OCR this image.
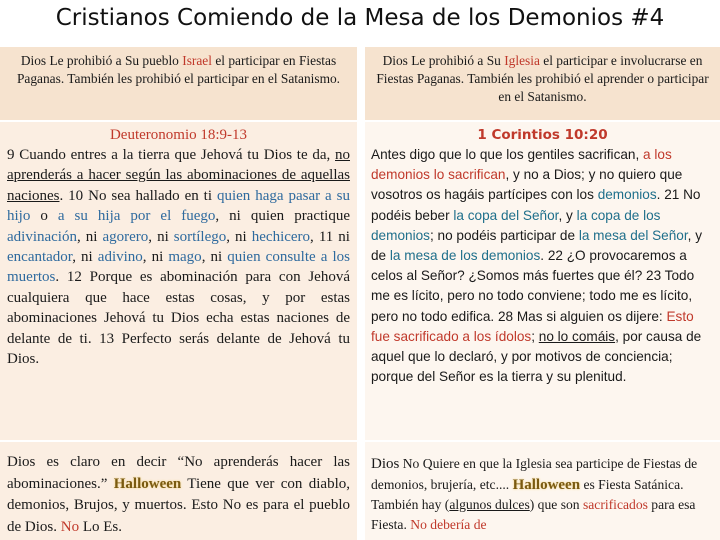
Cristianos Comiendo de la Mesa de los Demonios #4
Dios Le prohibió a Su pueblo Israel el participar en Fiestas Paganas. También les prohibió el participar en el Satanismo.
Dios Le prohibió a Su Iglesia el participar e involucrarse en Fiestas Paganas. También les prohibió el aprender o participar en el Satanismo.
Deuteronomio 18:9-13
9 Cuando entres a la tierra que Jehová tu Dios te da, no aprenderás a hacer según las abominaciones de aquellas naciones. 10 No sea hallado en ti quien haga pasar a su hijo o a su hija por el fuego, ni quien practique adivinación, ni agorero, ni sortílego, ni hechicero, 11 ni encantador, ni adivino, ni mago, ni quien consulte a los muertos. 12 Porque es abominación para con Jehová cualquiera que hace estas cosas, y por estas abominaciones Jehová tu Dios echa estas naciones de delante de ti. 13 Perfecto serás delante de Jehová tu Dios.
1 Corintios 10:20
Antes digo que lo que los gentiles sacrifican, a los demonios lo sacrifican, y no a Dios; y no quiero que vosotros os hagáis partícipes con los demonios. 21 No podéis beber la copa del Señor, y la copa de los demonios; no podéis participar de la mesa del Señor, y de la mesa de los demonios. 22 ¿O provocaremos a celos al Señor? ¿Somos más fuertes que él? 23 Todo me es lícito, pero no todo conviene; todo me es lícito, pero no todo edifica. 28 Mas si alguien os dijere: Esto fue sacrificado a los ídolos; no lo comáis, por causa de aquel que lo declaró, y por motivos de conciencia; porque del Señor es la tierra y su plenitud.
Dios es claro en decir “No aprenderás hacer las abominaciones.” Halloween Tiene que ver con diablo, demonios, Brujos, y muertos. Esto No es para el pueblo de Dios. No Lo Es.
Dios No Quiere en que la Iglesia sea participe de Fiestas de demonios, brujería, etc.... Halloween es Fiesta Satánica. También hay (algunos dulces) que son sacrificados para esa Fiesta. No debería de
